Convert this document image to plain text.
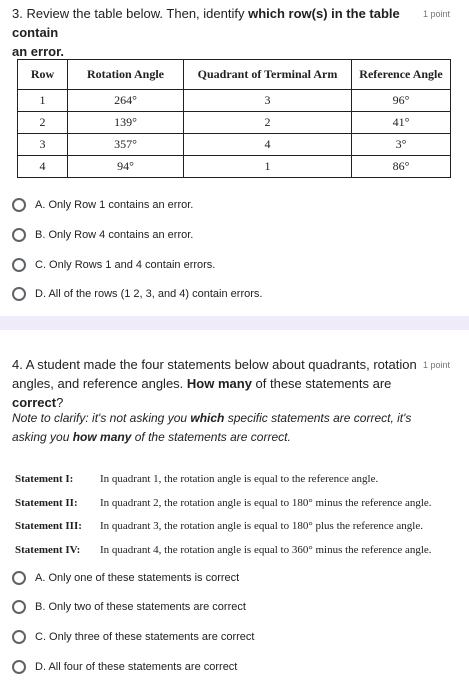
3. Review the table below. Then, identify which row(s) in the table contain
an error.
1 point
Row	Rotation Angle	Quadrant of Terminal Arm	Reference Angle
1	264°	3	96°
2	139°	2	41°
3	357°	4	3°
4	94°	1	86°
A. Only Row 1 contains an error.
B. Only Row 4 contains an error.
C. Only Rows 1 and 4 contain errors.
D. All of the rows (1 2, 3, and 4) contain errors.
4. A student made the four statements below about quadrants, rotation
angles, and reference angles. How many of these statements are correct?
1 point
Note to clarify: it's not asking you which specific statements are correct, it's
asking you how many of the statements are correct.
Statement I: In quadrant 1, the rotation angle is equal to the reference angle.
Statement II: In quadrant 2, the rotation angle is equal to 180° minus the reference angle.
Statement III: In quadrant 3, the rotation angle is equal to 180° plus the reference angle.
Statement IV: In quadrant 4, the rotation angle is equal to 360° minus the reference angle.
A. Only one of these statements is correct
B. Only two of these statements are correct
C. Only three of these statements are correct
D. All four of these statements are correct
